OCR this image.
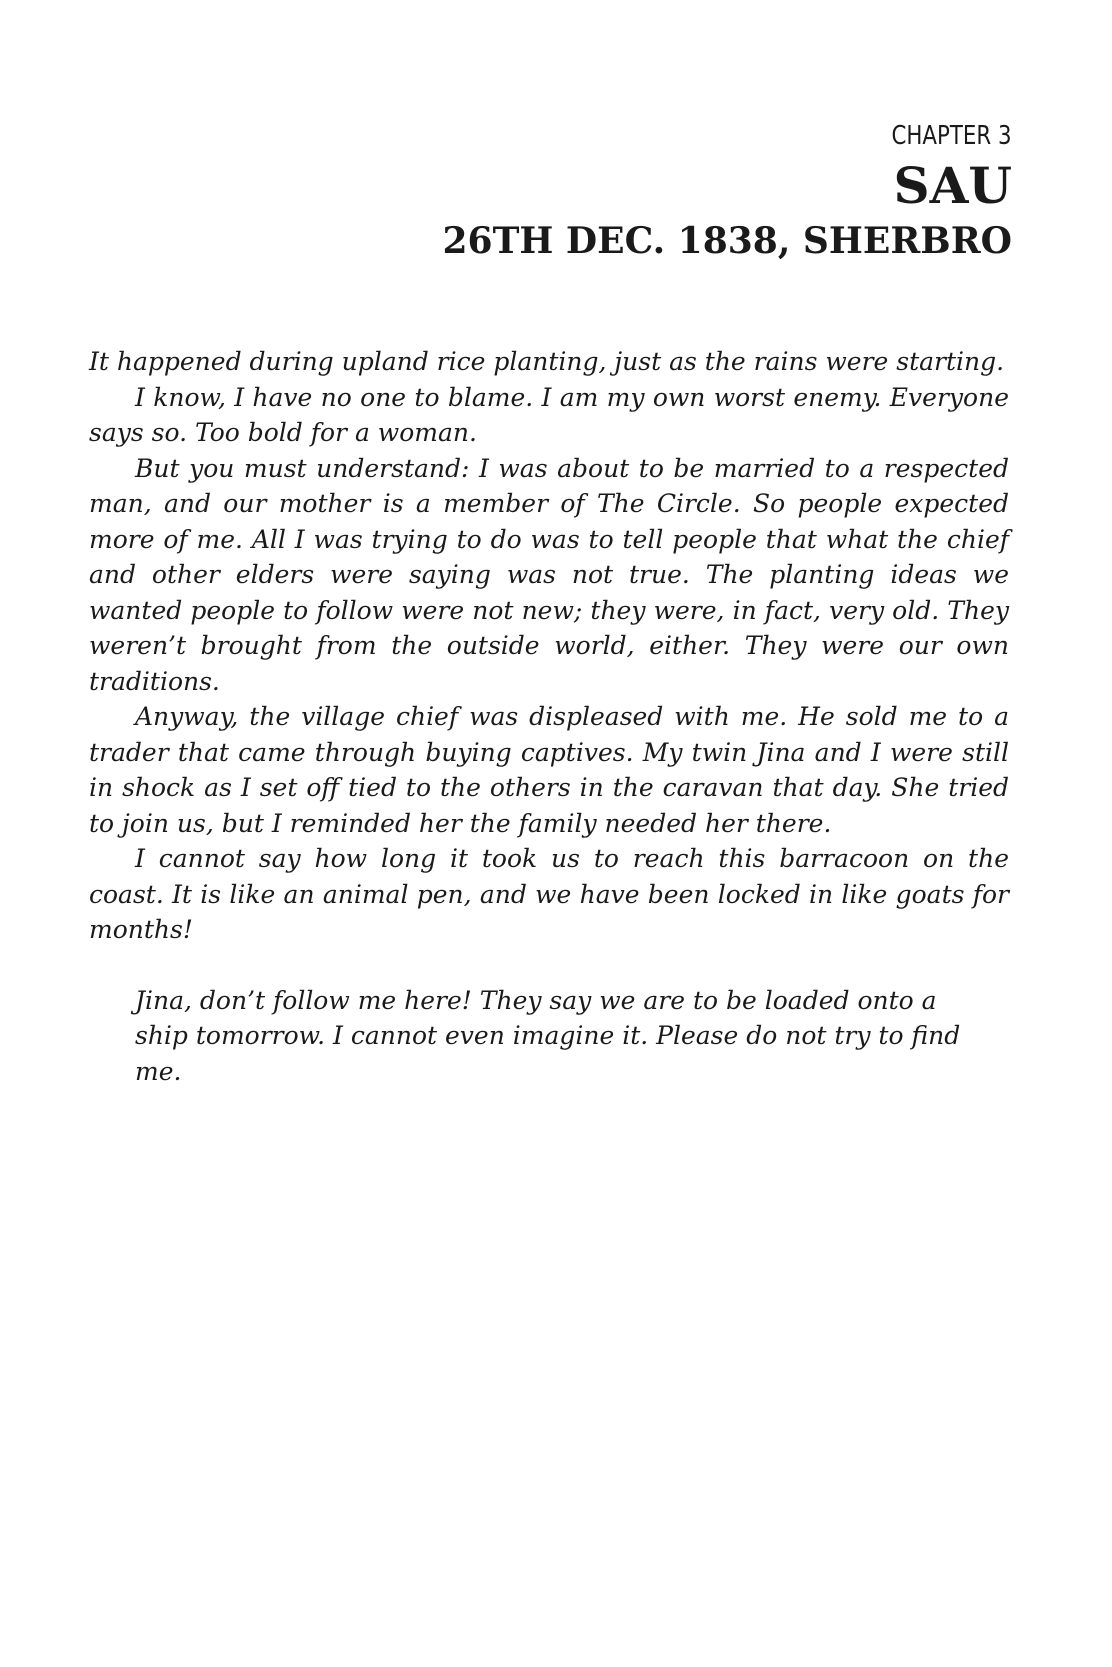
CHAPTER 3
SAU
26TH DEC. 1838, SHERBRO

It happened during upland rice planting, just as the rains were starting.

I know, I have no one to blame. I am my own worst enemy. Everyone says so. Too bold for a woman.

But you must understand: I was about to be married to a respected man, and our mother is a member of The Circle. So people expected more of me. All I was trying to do was to tell people that what the chief and other elders were saying was not true. The planting ideas we wanted people to follow were not new; they were, in fact, very old. They weren’t brought from the outside world, either. They were our own traditions.

Anyway, the village chief was displeased with me. He sold me to a trader that came through buying captives. My twin Jina and I were still in shock as I set off tied to the others in the caravan that day. She tried to join us, but I reminded her the family needed her there.

I cannot say how long it took us to reach this barracoon on the coast. It is like an animal pen, and we have been locked in like goats for months!

Jina, don’t follow me here! They say we are to be loaded onto a ship tomorrow. I cannot even imagine it. Please do not try to find me.
